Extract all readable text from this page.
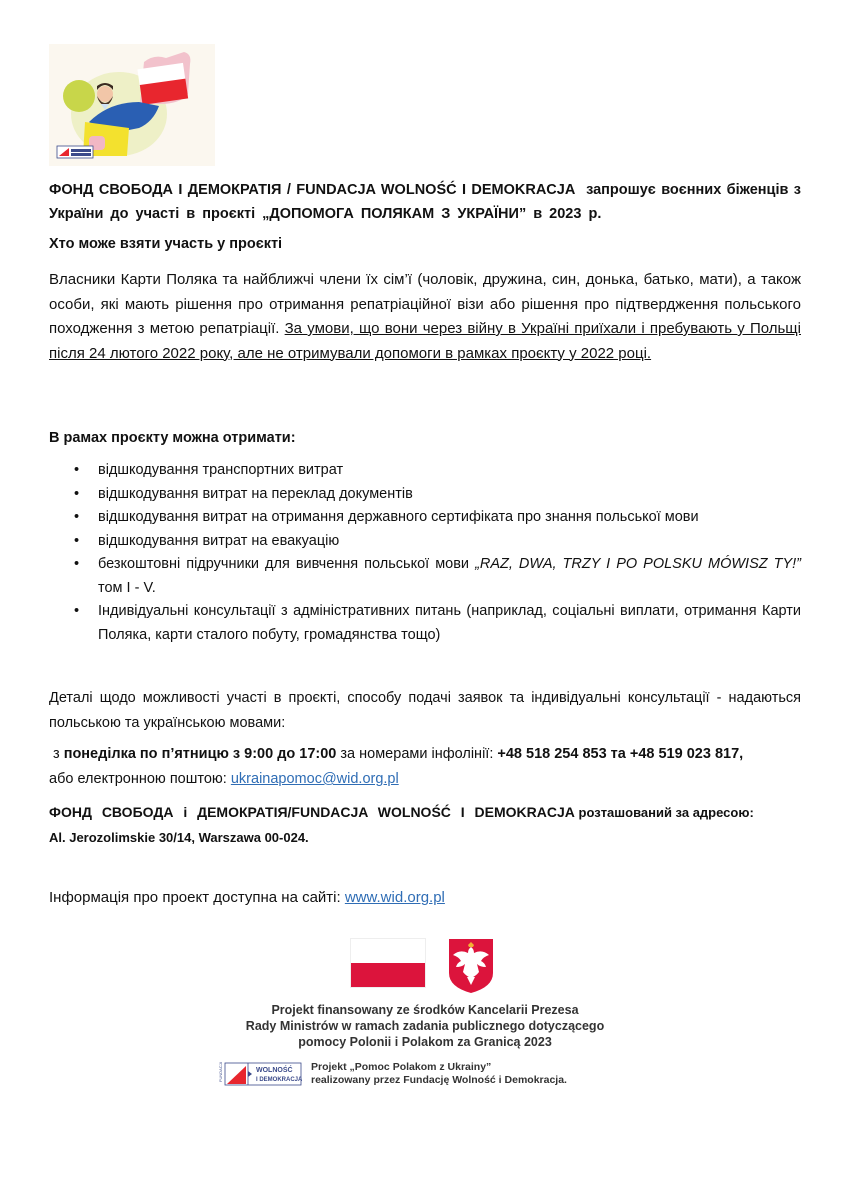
ФОНД СВОБОДА І ДЕМОКРАТІЯ / FUNDACJA WOLNOŚĆ I DEMOKRACJA запрошує воєнних біженців з
України до участі в проєкті „ДОПОМОГА ПОЛЯКАМ З УКРАЇНИ” в 2023 р.
Хто може взяти участь у проєкті
Власники Карти Поляка та найближчі члени їх сім’ї (чоловік, дружина, син, донька, батько, мати), а також особи, які мають рішення про отримання репатріаційної візи або рішення про підтвердження польського походження з метою репатріації. За умови, що вони через війну в Україні приїхали і пребувають у Польщі після 24 лютого 2022 року, але не отримували допомоги в рамках проєкту у 2022 році.
В рамах проєкту можна отримати:
• відшкодування транспортних витрат
• відшкодування витрат на переклад документів
• відшкодування витрат на отримання державного сертифіката про знання польської мови
• відшкодування витрат на евакуацію
• безкоштовні підручники для вивчення польської мови „RAZ, DWA, TRZY I PO POLSKU MÓWISZ TY!” том I - V.
• Індивідуальні консультації з адміністративних питань (наприклад, соціальні виплати, отримання Карти Поляка, карти сталого побуту, громадянства тощо)
Деталі щодо можливості участі в проєкті, способу подачі заявок та індивідуальні консультації - надаються польською та українською мовами:
з понеділка по п’ятницю з 9:00 до 17:00 за номерами інфолінії: +48 518 254 853 та +48 519 023 817,
або електронною поштою: ukrainapomoc@wid.org.pl
ФОНД СВОБОДА і ДЕМОКРАТІЯ/FUNDACJA WOLNOŚĆ I DEMOKRACJA розташований за адресою:
Al. Jerozolimskie 30/14, Warszawa 00-024.
Інформація про проект доступна на сайті: www.wid.org.pl
Projekt finansowany ze środków Kancelarii Prezesa
Rady Ministrów w ramach zadania publicznego dotyczącego
pomocy Polonii i Polakom za Granicą 2023
FUNDACJA	WOLNOŚĆ
I DEMOKRACJA
Projekt „Pomoc Polakom z Ukrainy”
realizowany przez Fundację Wolność i Demokracja.
